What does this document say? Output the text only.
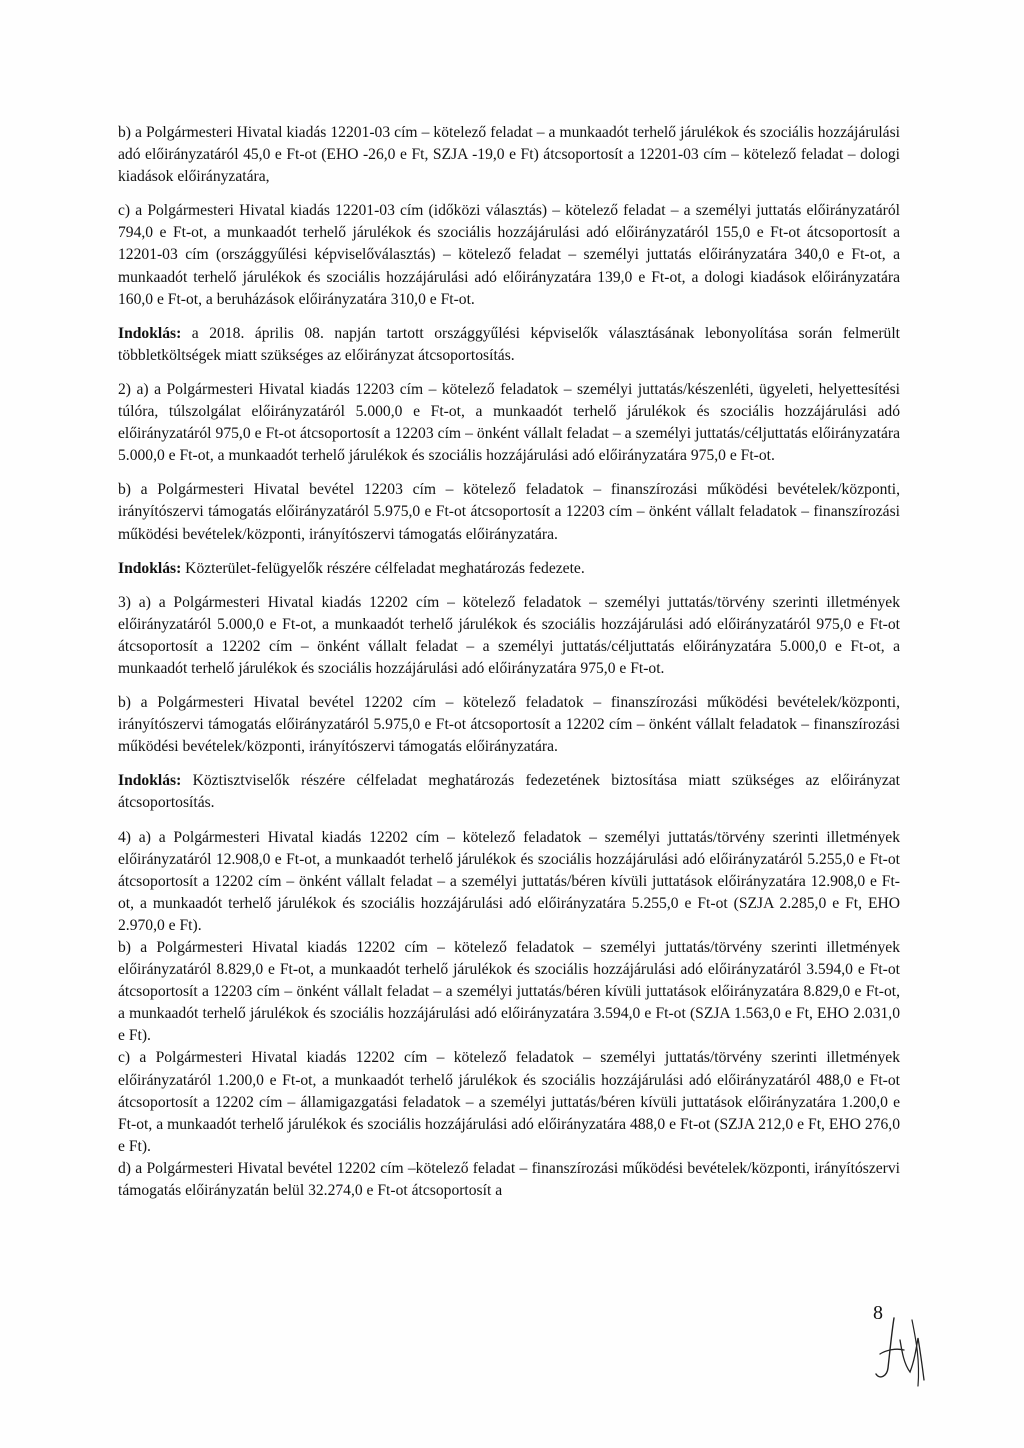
b) a Polgármesteri Hivatal kiadás 12201-03 cím – kötelező feladat – a munkaadót terhelő járulékok és szociális hozzájárulási adó előirányzatáról 45,0 e Ft-ot (EHO -26,0 e Ft, SZJA -19,0 e Ft) átcsoportosít a 12201-03 cím – kötelező feladat – dologi kiadások előirányzatára,

c) a Polgármesteri Hivatal kiadás 12201-03 cím (időközi választás) – kötelező feladat – a személyi juttatás előirányzatáról 794,0 e Ft-ot, a munkaadót terhelő járulékok és szociális hozzájárulási adó előirányzatáról 155,0 e Ft-ot átcsoportosít a 12201-03 cím (országgyűlési képviselőválasztás) – kötelező feladat – személyi juttatás előirányzatára 340,0 e Ft-ot, a munkaadót terhelő járulékok és szociális hozzájárulási adó előirányzatára 139,0 e Ft-ot, a dologi kiadások előirányzatára 160,0 e Ft-ot, a beruházások előirányzatára 310,0 e Ft-ot.

Indoklás: a 2018. április 08. napján tartott országgyűlési képviselők választásának lebonyolítása során felmerült többletköltségek miatt szükséges az előirányzat átcsoportosítás.

2) a) a Polgármesteri Hivatal kiadás 12203 cím – kötelező feladatok – személyi juttatás/készenléti, ügyeleti, helyettesítési túlóra, túlszolgálat előirányzatáról 5.000,0 e Ft-ot, a munkaadót terhelő járulékok és szociális hozzájárulási adó előirányzatáról 975,0 e Ft-ot átcsoportosít a 12203 cím – önként vállalt feladat – a személyi juttatás/céljuttatás előirányzatára 5.000,0 e Ft-ot, a munkaadót terhelő járulékok és szociális hozzájárulási adó előirányzatára 975,0 e Ft-ot.

b) a Polgármesteri Hivatal bevétel 12203 cím – kötelező feladatok – finanszírozási működési bevételek/központi, irányítószervi támogatás előirányzatáról 5.975,0 e Ft-ot átcsoportosít a 12203 cím – önként vállalt feladatok – finanszírozási működési bevételek/központi, irányítószervi támogatás előirányzatára.

Indoklás: Közterület-felügyelők részére célfeladat meghatározás fedezete.

3) a) a Polgármesteri Hivatal kiadás 12202 cím – kötelező feladatok – személyi juttatás/törvény szerinti illetmények előirányzatáról 5.000,0 e Ft-ot, a munkaadót terhelő járulékok és szociális hozzájárulási adó előirányzatáról 975,0 e Ft-ot átcsoportosít a 12202 cím – önként vállalt feladat – a személyi juttatás/céljuttatás előirányzatára 5.000,0 e Ft-ot, a munkaadót terhelő járulékok és szociális hozzájárulási adó előirányzatára 975,0 e Ft-ot.

b) a Polgármesteri Hivatal bevétel 12202 cím – kötelező feladatok – finanszírozási működési bevételek/központi, irányítószervi támogatás előirányzatáról 5.975,0 e Ft-ot átcsoportosít a 12202 cím – önként vállalt feladatok – finanszírozási működési bevételek/központi, irányítószervi támogatás előirányzatára.

Indoklás: Köztisztviselők részére célfeladat meghatározás fedezetének biztosítása miatt szükséges az előirányzat átcsoportosítás.

4) a) a Polgármesteri Hivatal kiadás 12202 cím – kötelező feladatok – személyi juttatás/törvény szerinti illetmények előirányzatáról 12.908,0 e Ft-ot, a munkaadót terhelő járulékok és szociális hozzájárulási adó előirányzatáról 5.255,0 e Ft-ot átcsoportosít a 12202 cím – önként vállalt feladat – a személyi juttatás/béren kívüli juttatások előirányzatára 12.908,0 e Ft-ot, a munkaadót terhelő járulékok és szociális hozzájárulási adó előirányzatára 5.255,0 e Ft-ot (SZJA 2.285,0 e Ft, EHO 2.970,0 e Ft).

b) a Polgármesteri Hivatal kiadás 12202 cím – kötelező feladatok – személyi juttatás/törvény szerinti illetmények előirányzatáról 8.829,0 e Ft-ot, a munkaadót terhelő járulékok és szociális hozzájárulási adó előirányzatáról 3.594,0 e Ft-ot átcsoportosít a 12203 cím – önként vállalt feladat – a személyi juttatás/béren kívüli juttatások előirányzatára 8.829,0 e Ft-ot, a munkaadót terhelő járulékok és szociális hozzájárulási adó előirányzatára 3.594,0 e Ft-ot (SZJA 1.563,0 e Ft, EHO 2.031,0 e Ft).

c) a Polgármesteri Hivatal kiadás 12202 cím – kötelező feladatok – személyi juttatás/törvény szerinti illetmények előirányzatáról 1.200,0 e Ft-ot, a munkaadót terhelő járulékok és szociális hozzájárulási adó előirányzatáról 488,0 e Ft-ot átcsoportosít a 12202 cím – államigazgatási feladatok – a személyi juttatás/béren kívüli juttatások előirányzatára 1.200,0 e Ft-ot, a munkaadót terhelő járulékok és szociális hozzájárulási adó előirányzatára 488,0 e Ft-ot (SZJA 212,0 e Ft, EHO 276,0 e Ft).

d) a Polgármesteri Hivatal bevétel 12202 cím –kötelező feladat – finanszírozási működési bevételek/központi, irányítószervi támogatás előirányzatán belül 32.274,0 e Ft-ot átcsoportosít a

8
